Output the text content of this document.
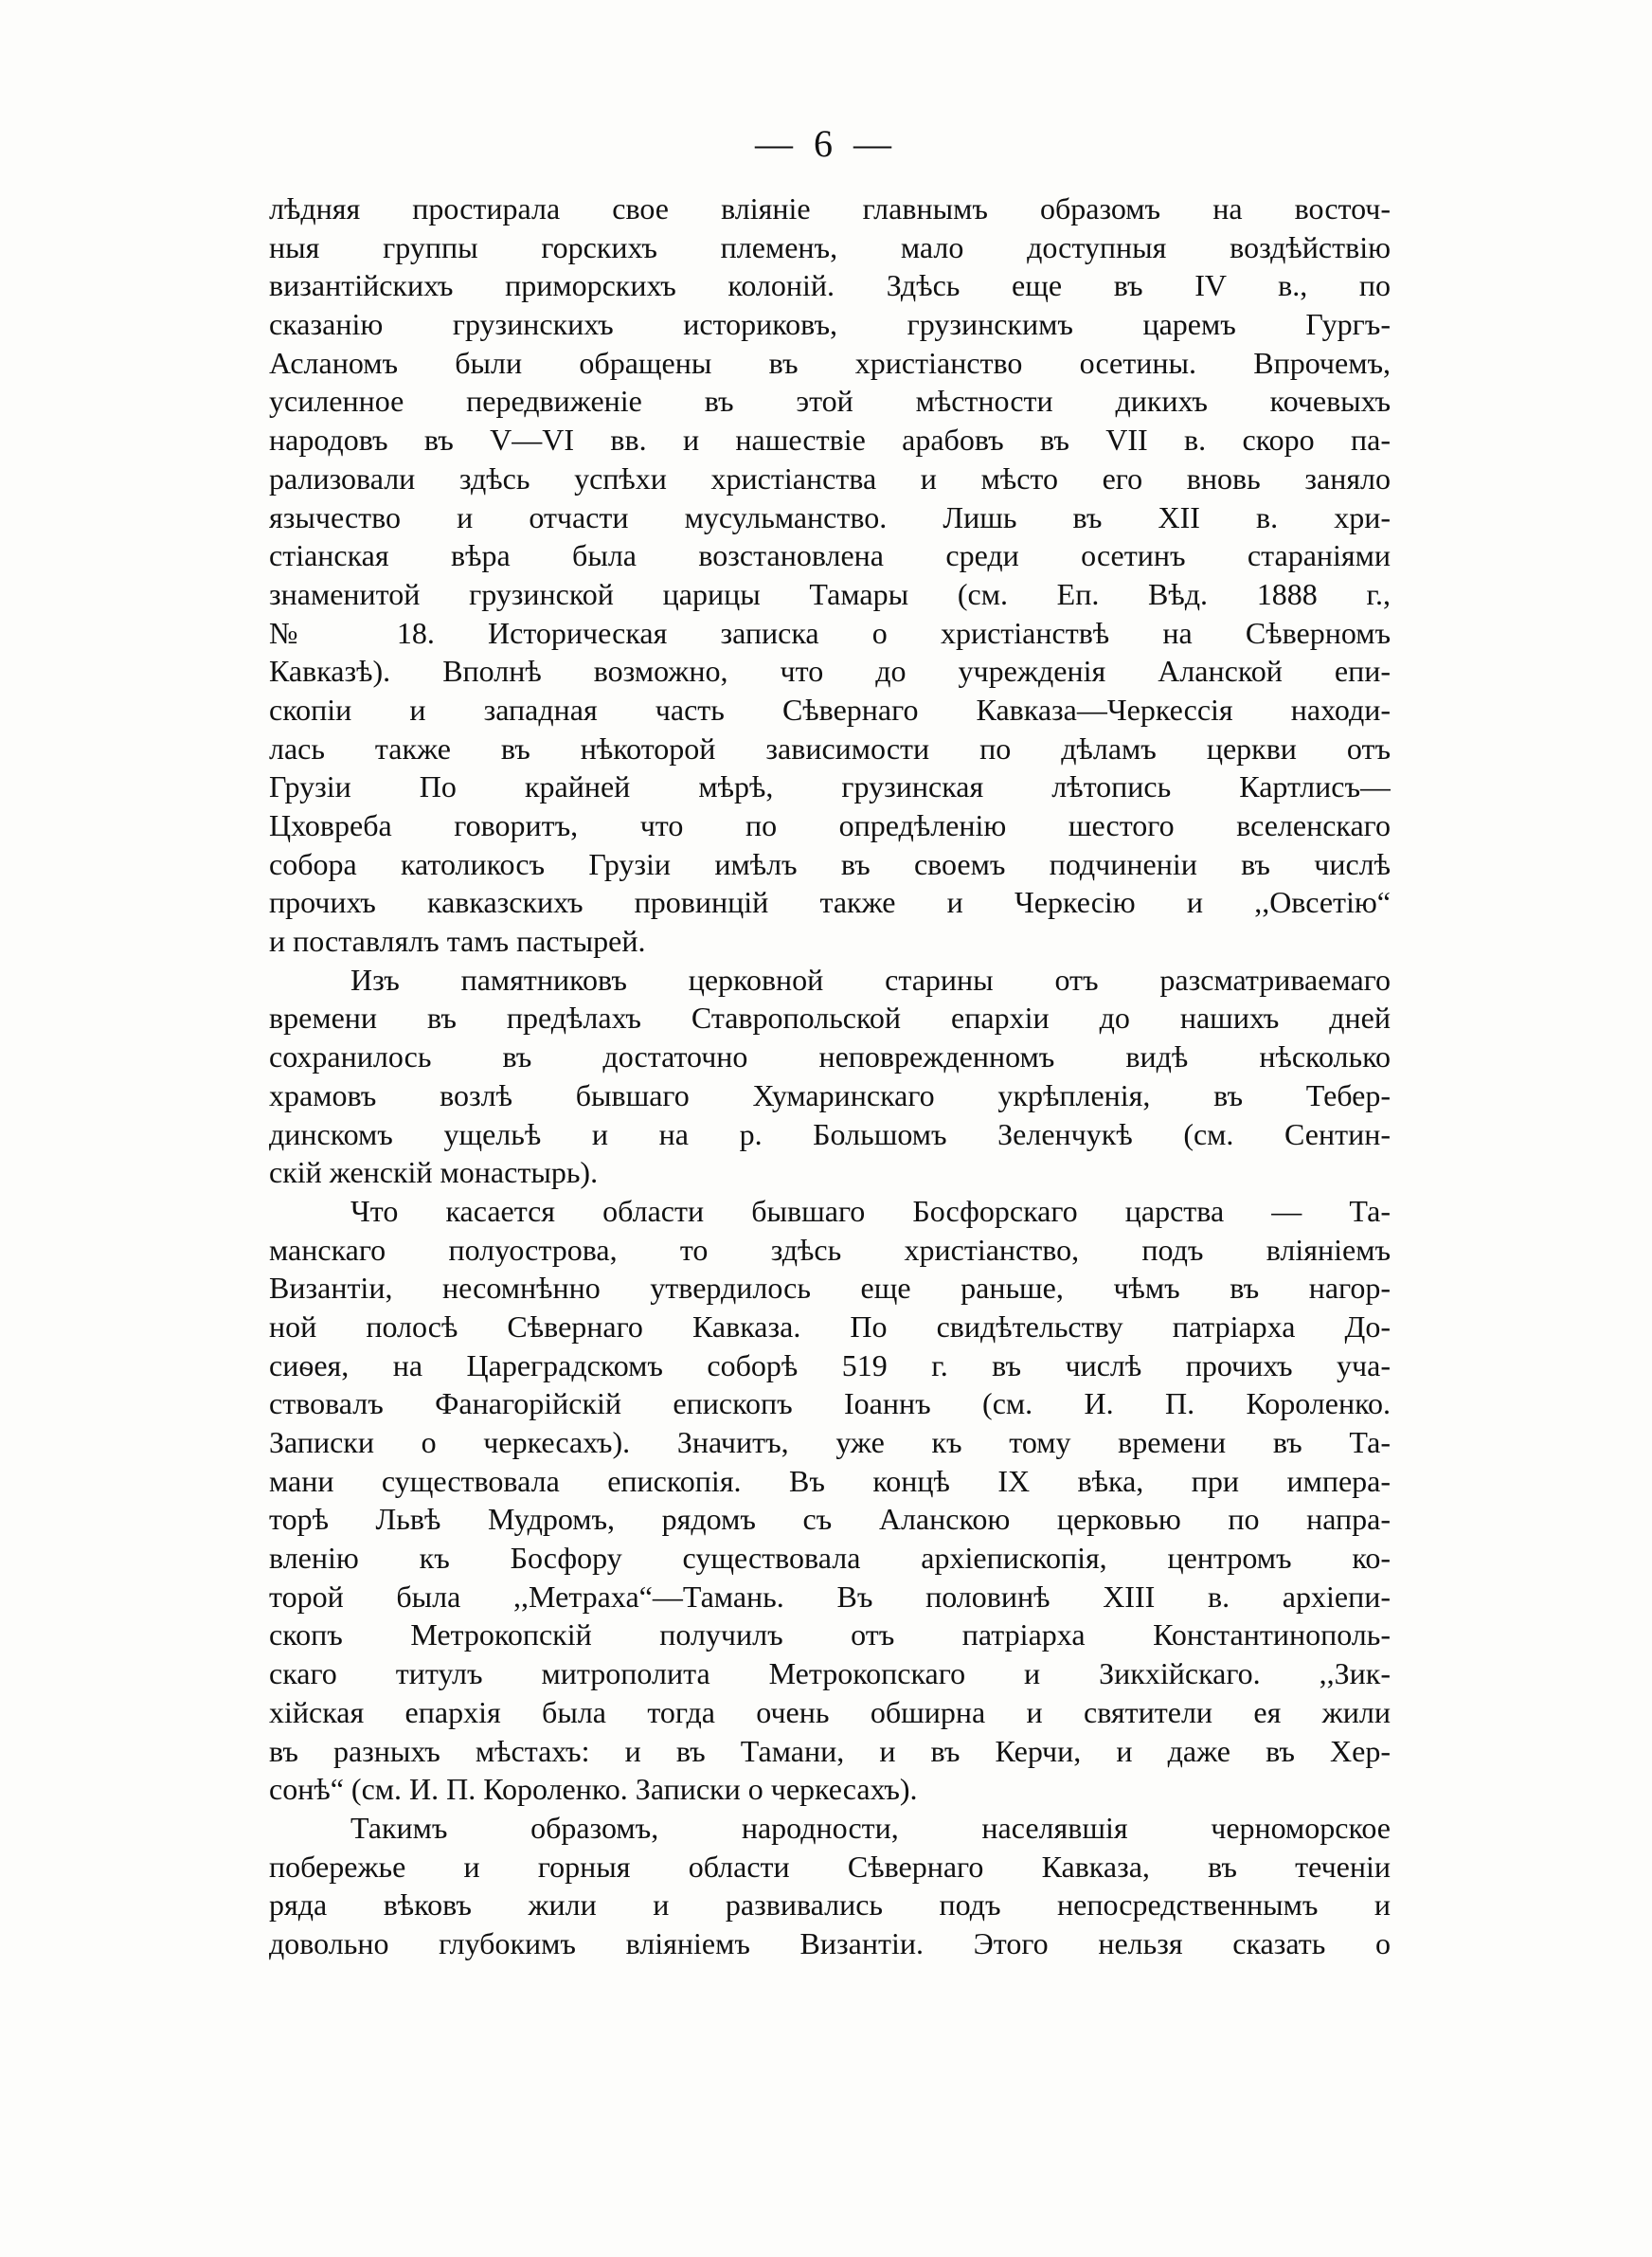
— 6 —
лѣдняя простирала свое вліяніе главнымъ образомъ на восточ-
ныя группы горскихъ племенъ, мало доступныя воздѣйствію
византійскихъ приморскихъ колоній. Здѣсь еще въ IV в., по
сказанію грузинскихъ историковъ, грузинскимъ царемъ Гургъ-
Асланомъ были обращены въ христіанство осетины. Впрочемъ,
усиленное передвиженіе въ этой мѣстности дикихъ кочевыхъ
народовъ въ V—VI вв. и нашествіе арабовъ въ VII в. скоро па-
рализовали здѣсь успѣхи христіанства и мѣсто его вновь заняло
язычество и отчасти мусульманство. Лишь въ XII в. хри-
стіанская вѣра была возстановлена среди осетинъ стараніями
знаменитой грузинской царицы Тамары (см. Еп. Вѣд. 1888 г.,
№ 18. Историческая записка о христіанствѣ на Сѣверномъ
Кавказѣ). Вполнѣ возможно, что до учрежденія Аланской епи-
скопіи и западная часть Сѣвернаго Кавказа—Черкессія находи-
лась также въ нѣкоторой зависимости по дѣламъ церкви отъ
Грузіи По крайней мѣрѣ, грузинская лѣтопись Картлисъ—
Цховреба говоритъ, что по опредѣленію шестого вселенскаго
собора католикосъ Грузіи имѣлъ въ своемъ подчиненіи въ числѣ
прочихъ кавказскихъ провинцій также и Черкесію и ,,Овсетію“
и поставлялъ тамъ пастырей.
Изъ памятниковъ церковной старины отъ разсматриваемаго
времени въ предѣлахъ Ставропольской епархіи до нашихъ дней
сохранилось въ достаточно неповрежденномъ видѣ нѣсколько
храмовъ возлѣ бывшаго Хумаринскаго укрѣпленія, въ Тебер-
динскомъ ущельѣ и на р. Большомъ Зеленчукѣ (см. Сентин-
скій женскій монастырь).
Что касается области бывшаго Босфорскаго царства — Та-
манскаго полуострова, то здѣсь христіанство, подъ вліяніемъ
Византіи, несомнѣнно утвердилось еще раньше, чѣмъ въ нагор-
ной полосѣ Сѣвернаго Кавказа. По свидѣтельству патріарха До-
сиѳея, на Цареградскомъ соборѣ 519 г. въ числѣ прочихъ уча-
ствовалъ Фанагорійскій епископъ Іоаннъ (см. И. П. Короленко.
Записки о черкесахъ). Значитъ, уже къ тому времени въ Та-
мани существовала епископія. Въ концѣ IX вѣка, при импера-
торѣ Львѣ Мудромъ, рядомъ съ Аланскою церковью по напра-
вленію къ Босфору существовала архіепископія, центромъ ко-
торой была ,,Метраха“—Тамань. Въ половинѣ XIII в. архіепи-
скопъ Метрокопскій получилъ отъ патріарха Константинополь-
скаго титулъ митрополита Метрокопскаго и Зикхійскаго. ,,Зик-
хійская епархія была тогда очень обширна и святители ея жили
въ разныхъ мѣстахъ: и въ Тамани, и въ Керчи, и даже въ Хер-
сонѣ“ (см. И. П. Короленко. Записки о черкесахъ).
Такимъ образомъ, народности, населявшія черноморское
побережье и горныя области Сѣвернаго Кавказа, въ теченіи
ряда вѣковъ жили и развивались подъ непосредственнымъ и
довольно глубокимъ вліяніемъ Византіи. Этого нельзя сказать о
